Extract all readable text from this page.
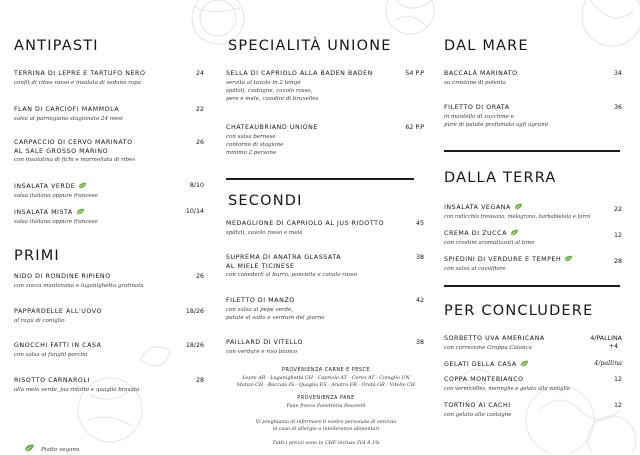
ANTIPASTI
TERRINA DI LEPRE E TARTUFO NERO	24
confit di ribes rosso e insalata di sedano rapa
FLAN DI CARCIOFI MAMMOLA	22
salsa al parmigiano stagionato 24 mesi
CARPACCIO DI CERVO MARINATO
AL SALE GROSSO MARINO
26
con insalatina di fichi e marmellata di ribes
INSALATA VERDE	8/10
salsa italiana oppure francese
INSALATA MISTA	10/14
salsa italiana oppure francese
PRIMI
NIDO DI RONDINE RIPIENO	26
con zucca mantovana e luganighetta gratinata
PAPPARDELLE ALL'UOVO	18/26
al ragù di coniglio
GNOCCHI FATTI IN CASA	18/26
con salsa ai funghi porcini
RISOTTO CARNAROLI	28
alla mela verde, jus ridotto e quaglia brasata
Piatto vegano
SPECIALITÀ UNIONE
SELLA DI CAPRIOLO ALLA BADEN BADEN	54 P.P
servita al tavolo in 2 tempi
spätzli, castagne, cavolo rosso,
pere e mele, cavolini di bruxelles
CHATEAUBRIAND UNIONE	62 P.P
con salsa bernese
contorno di stagione
minimo 2 persone
SECONDI
MEDAGLIONE DI CAPRIOLO AL JUS RIDOTTO	45
spätzli, cavolo rosso e mela
SUPREMA DI ANATRA GLASSATA
AL MIELE TICINESE
38
con canederli al burro, pancetta e cavolo rosso
FILETTO DI MANZO	42
con salsa al pepe verde,
patate al salto e verdure del giorno
PAILLARD DI VITELLO	38
con verdure e riso bianco
PROVENIENZA CARNE E PESCE
Lepre AR - Luganighetta CH - Capriolo AT - Cervo AT - Coniglio UN
Manzo CH - Baccalà IS - Quaglia ES - Anatra FR - Orata GR - Vitello CH
PROVENIENZA PANE
Pane fresco Panetteria Pesorelli
Vi preghiamo di informare il nostro personale di servizio
in caso di allergie o intolleranze alimentari
Tutti i prezzi sono in CHF incluso IVA 8.1%
DAL MARE
BACCALÀ MARINATO	34
su crostone di polenta
FILETTO DI ORATA	36
in mantello di zucchine e
purè di patate profumato agli agrumi
DALLA TERRA
INSALATA VEGANA	22
con radicchio trevisano, melograno, barbabietola e farro
CREMA DI ZUCCA	12
con crostini aromatizzati al timo
SPIEDINI DI VERDURE E TEMPEH	28
con salsa al cavolfiore
PER CONCLUDERE
SORBETTO UVA AMERICANA	4/PALLINA
con correzione Grappa Calanca	+4
GELATI DELLA CASA	4/pallina
COPPA MONTEBIANCO	12
con vermicelles, meringhe e gelato alla vaniglia
TORTINO AI CACHI	12
con gelato alle castagne
